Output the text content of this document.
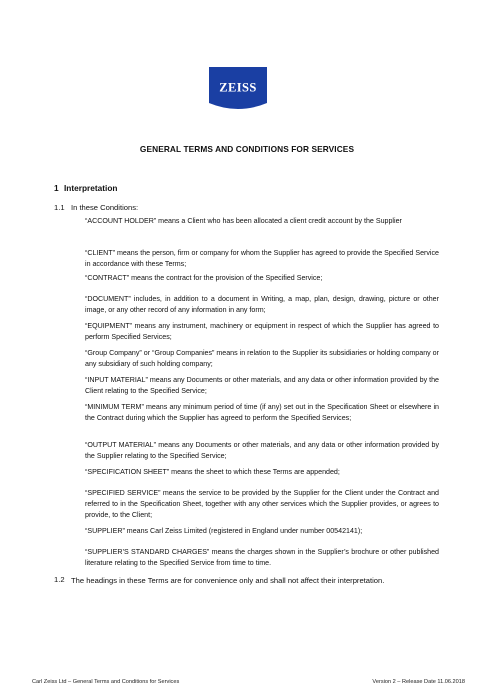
ZEISS
GENERAL TERMS AND CONDITIONS FOR SERVICES
1 Interpretation
1.1 In these Conditions:
“ACCOUNT HOLDER” means a Client who has been allocated a client credit account by the Supplier
“CLIENT” means the person, firm or company for whom the Supplier has agreed to provide the Specified Service in accordance with these Terms;
“CONTRACT” means the contract for the provision of the Specified Service;
“DOCUMENT” includes, in addition to a document in Writing, a map, plan, design, drawing, picture or other image, or any other record of any information in any form;
“EQUIPMENT” means any instrument, machinery or equipment in respect of which the Supplier has agreed to perform Specified Services;
“Group Company” or “Group Companies” means in relation to the Supplier its subsidiaries or holding company or any subsidiary of such holding company;
“INPUT MATERIAL” means any Documents or other materials, and any data or other information provided by the Client relating to the Specified Service;
“MINIMUM TERM” means any minimum period of time (if any) set out in the Specification Sheet or elsewhere in the Contract during which the Supplier has agreed to perform the Specified Services;
“OUTPUT MATERIAL” means any Documents or other materials, and any data or other information provided by the Supplier relating to the Specified Service;
“SPECIFICATION SHEET” means the sheet to which these Terms are appended;
“SPECIFIED SERVICE” means the service to be provided by the Supplier for the Client under the Contract and referred to in the Specification Sheet, together with any other services which the Supplier provides, or agrees to provide, to the Client;
“SUPPLIER” means Carl Zeiss Limited (registered in England under number 00542141);
“SUPPLIER’S STANDARD CHARGES” means the charges shown in the Supplier’s brochure or other published literature relating to the Specified Service from time to time.
1.2 The headings in these Terms are for convenience only and shall not affect their interpretation.
Carl Zeiss Ltd – General Terms and Conditions for Services	Version 2 – Release Date 11.06.2018
